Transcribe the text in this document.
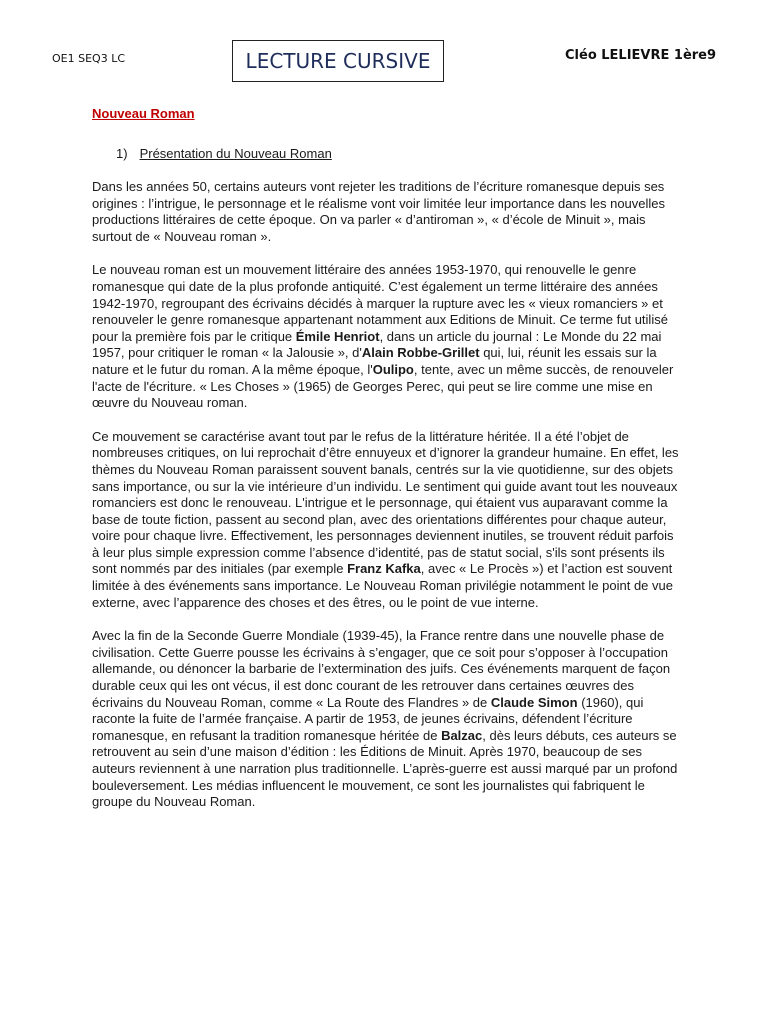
OE1 SEQ3 LC	LECTURE CURSIVE	Cléo LELIEVRE 1ère9
Nouveau Roman
1) Présentation du Nouveau Roman

Dans les années 50, certains auteurs vont rejeter les traditions de l’écriture romanesque depuis ses origines : l’intrigue, le personnage et le réalisme vont voir limitée leur importance dans les nouvelles productions littéraires de cette époque. On va parler « d’antiroman », « d’école de Minuit », mais surtout de « Nouveau roman ».

Le nouveau roman est un mouvement littéraire des années 1953-1970, qui renouvelle le genre romanesque qui date de la plus profonde antiquité. C’est également un terme littéraire des années 1942-1970, regroupant des écrivains décidés à marquer la rupture avec les « vieux romanciers » et renouveler le genre romanesque appartenant notamment aux Editions de Minuit. Ce terme fut utilisé pour la première fois par le critique Émile Henriot, dans un article du journal : Le Monde du 22 mai 1957, pour critiquer le roman « la Jalousie », d'Alain Robbe-Grillet qui, lui, réunit les essais sur la nature et le futur du roman. A la même époque, l'Oulipo, tente, avec un même succès, de renouveler l'acte de l'écriture. « Les Choses » (1965) de Georges Perec, qui peut se lire comme une mise en œuvre du Nouveau roman.

Ce mouvement se caractérise avant tout par le refus de la littérature héritée. Il a été l’objet de nombreuses critiques, on lui reprochait d’être ennuyeux et d’ignorer la grandeur humaine. En effet, les thèmes du Nouveau Roman paraissent souvent banals, centrés sur la vie quotidienne, sur des objets sans importance, ou sur la vie intérieure d’un individu. Le sentiment qui guide avant tout les nouveaux romanciers est donc le renouveau. L'intrigue et le personnage, qui étaient vus auparavant comme la base de toute fiction, passent au second plan, avec des orientations différentes pour chaque auteur, voire pour chaque livre. Effectivement, les personnages deviennent inutiles, se trouvent réduit parfois à leur plus simple expression comme l’absence d’identité, pas de statut social, s'ils sont présents ils sont nommés par des initiales (par exemple Franz Kafka, avec « Le Procès ») et l’action est souvent limitée à des événements sans importance. Le Nouveau Roman privilégie notamment le point de vue externe, avec l’apparence des choses et des êtres, ou le point de vue interne.

Avec la fin de la Seconde Guerre Mondiale (1939-45), la France rentre dans une nouvelle phase de civilisation. Cette Guerre pousse les écrivains à s’engager, que ce soit pour s’opposer à l’occupation allemande, ou dénoncer la barbarie de l’extermination des juifs. Ces événements marquent de façon durable ceux qui les ont vécus, il est donc courant de les retrouver dans certaines œuvres des écrivains du Nouveau Roman, comme « La Route des Flandres » de Claude Simon (1960), qui raconte la fuite de l’armée française. A partir de 1953, de jeunes écrivains, défendent l’écriture romanesque, en refusant la tradition romanesque héritée de Balzac, dès leurs débuts, ces auteurs se retrouvent au sein d’une maison d’édition : les Éditions de Minuit. Après 1970, beaucoup de ses auteurs reviennent à une narration plus traditionnelle. L’après-guerre est aussi marqué par un profond bouleversement. Les médias influencent le mouvement, ce sont les journalistes qui fabriquent le groupe du Nouveau Roman.
